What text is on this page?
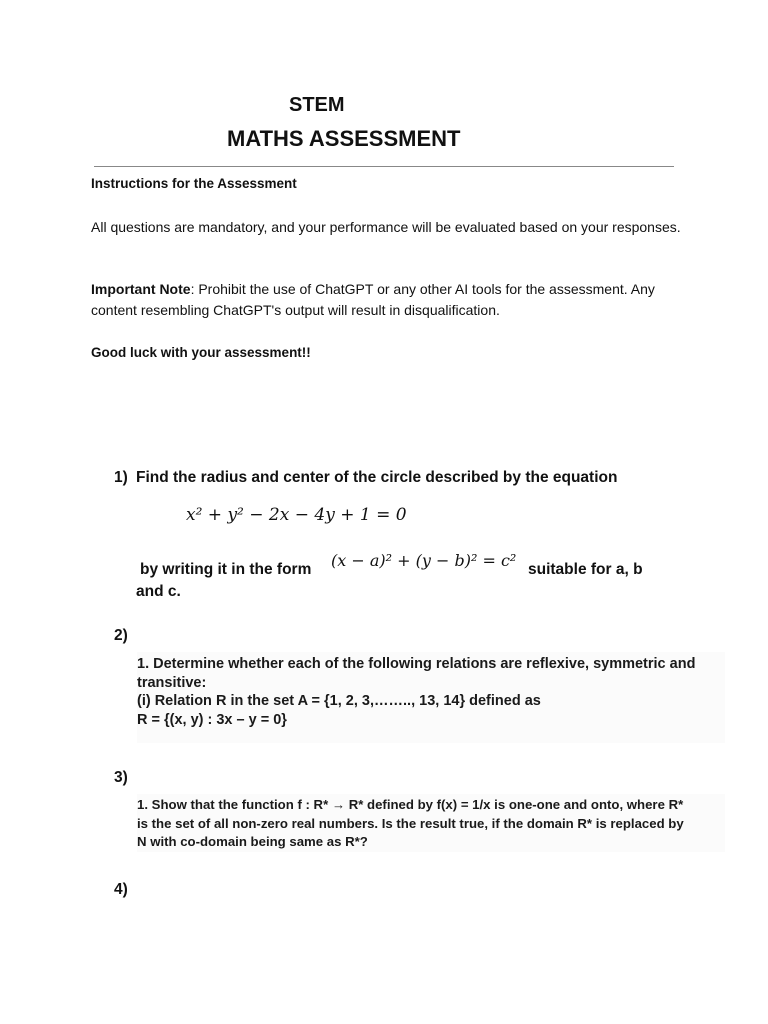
STEM
MATHS ASSESSMENT
Instructions for the Assessment
All questions are mandatory, and your performance will be evaluated based on your responses.
Important Note: Prohibit the use of ChatGPT or any other AI tools for the assessment. Any content resembling ChatGPT's output will result in disqualification.
Good luck with your assessment!!
1) Find the radius and center of the circle described by the equation
x² + y² − 2x − 4y + 1 = 0
by writing it in the form (x − a)² + (y − b)² = c² suitable for a, b
and c.
2)
1. Determine whether each of the following relations are reflexive, symmetric and
transitive:
(i) Relation R in the set A = {1, 2, 3,…….., 13, 14} defined as
R = {(x, y) : 3x – y = 0}
3)
1. Show that the function f : R* → R* defined by f(x) = 1/x is one-one and onto, where R*
is the set of all non-zero real numbers. Is the result true, if the domain R* is replaced by
N with co-domain being same as R*?
4)
